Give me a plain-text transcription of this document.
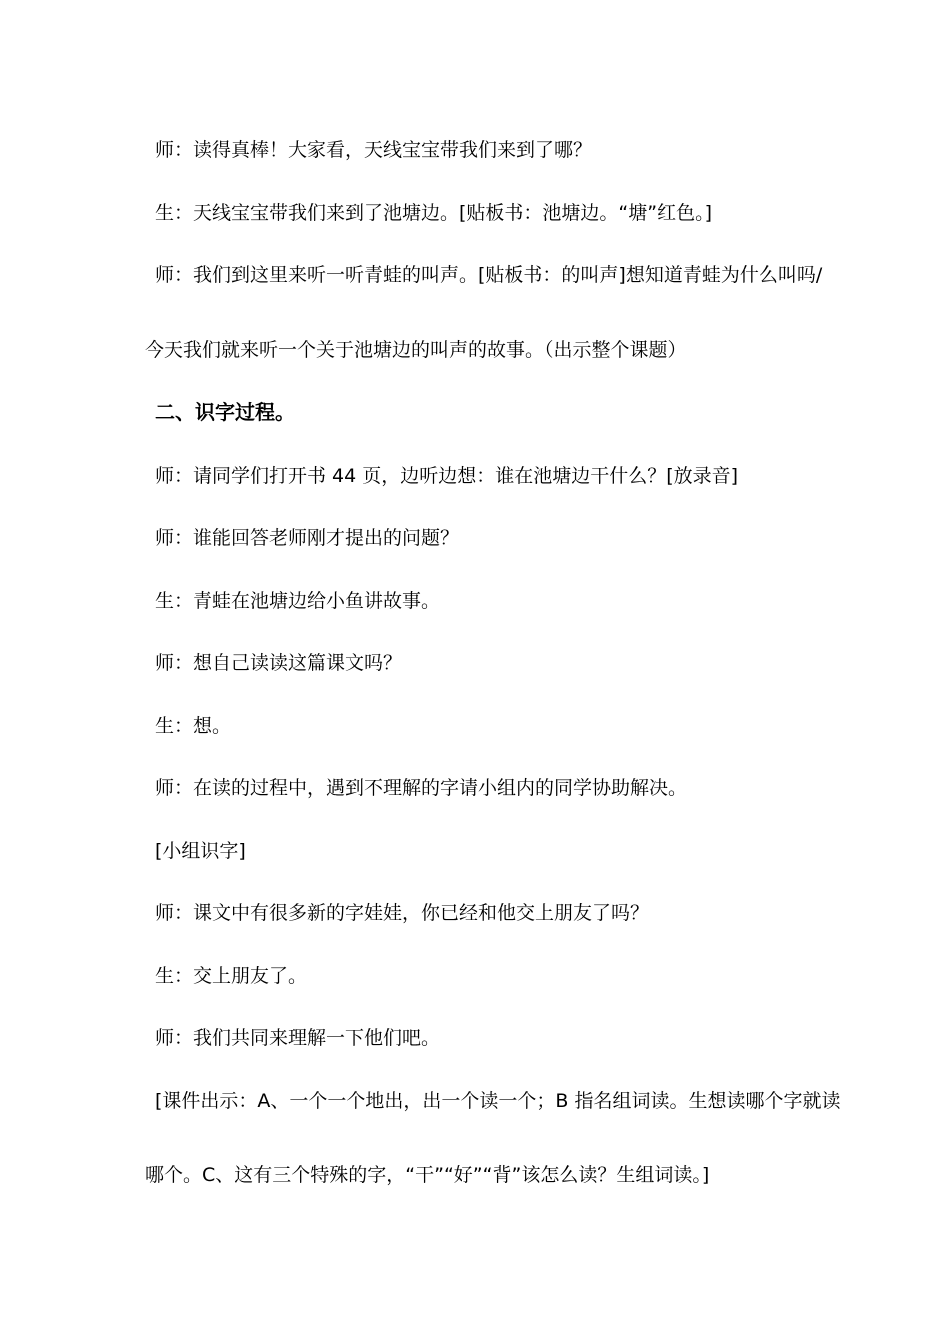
师：读得真棒！大家看，天线宝宝带我们来到了哪？
生：天线宝宝带我们来到了池塘边。[贴板书：池塘边。“塘”红色。]
师：我们到这里来听一听青蛙的叫声。[贴板书：的叫声]想知道青蛙为什么叫吗/
今天我们就来听一个关于池塘边的叫声的故事。（出示整个课题）
二、识字过程。
师：请同学们打开书 44 页，边听边想：谁在池塘边干什么？[放录音]
师：谁能回答老师刚才提出的问题？
生：青蛙在池塘边给小鱼讲故事。
师：想自己读读这篇课文吗？
生：想。
师：在读的过程中，遇到不理解的字请小组内的同学协助解决。
[小组识字]
师：课文中有很多新的字娃娃，你已经和他交上朋友了吗？
生：交上朋友了。
师：我们共同来理解一下他们吧。
[课件出示：A、一个一个地出，出一个读一个；B 指名组词读。生想读哪个字就读
哪个。C、这有三个特殊的字，“干”“好”“背”该怎么读？生组词读。]
